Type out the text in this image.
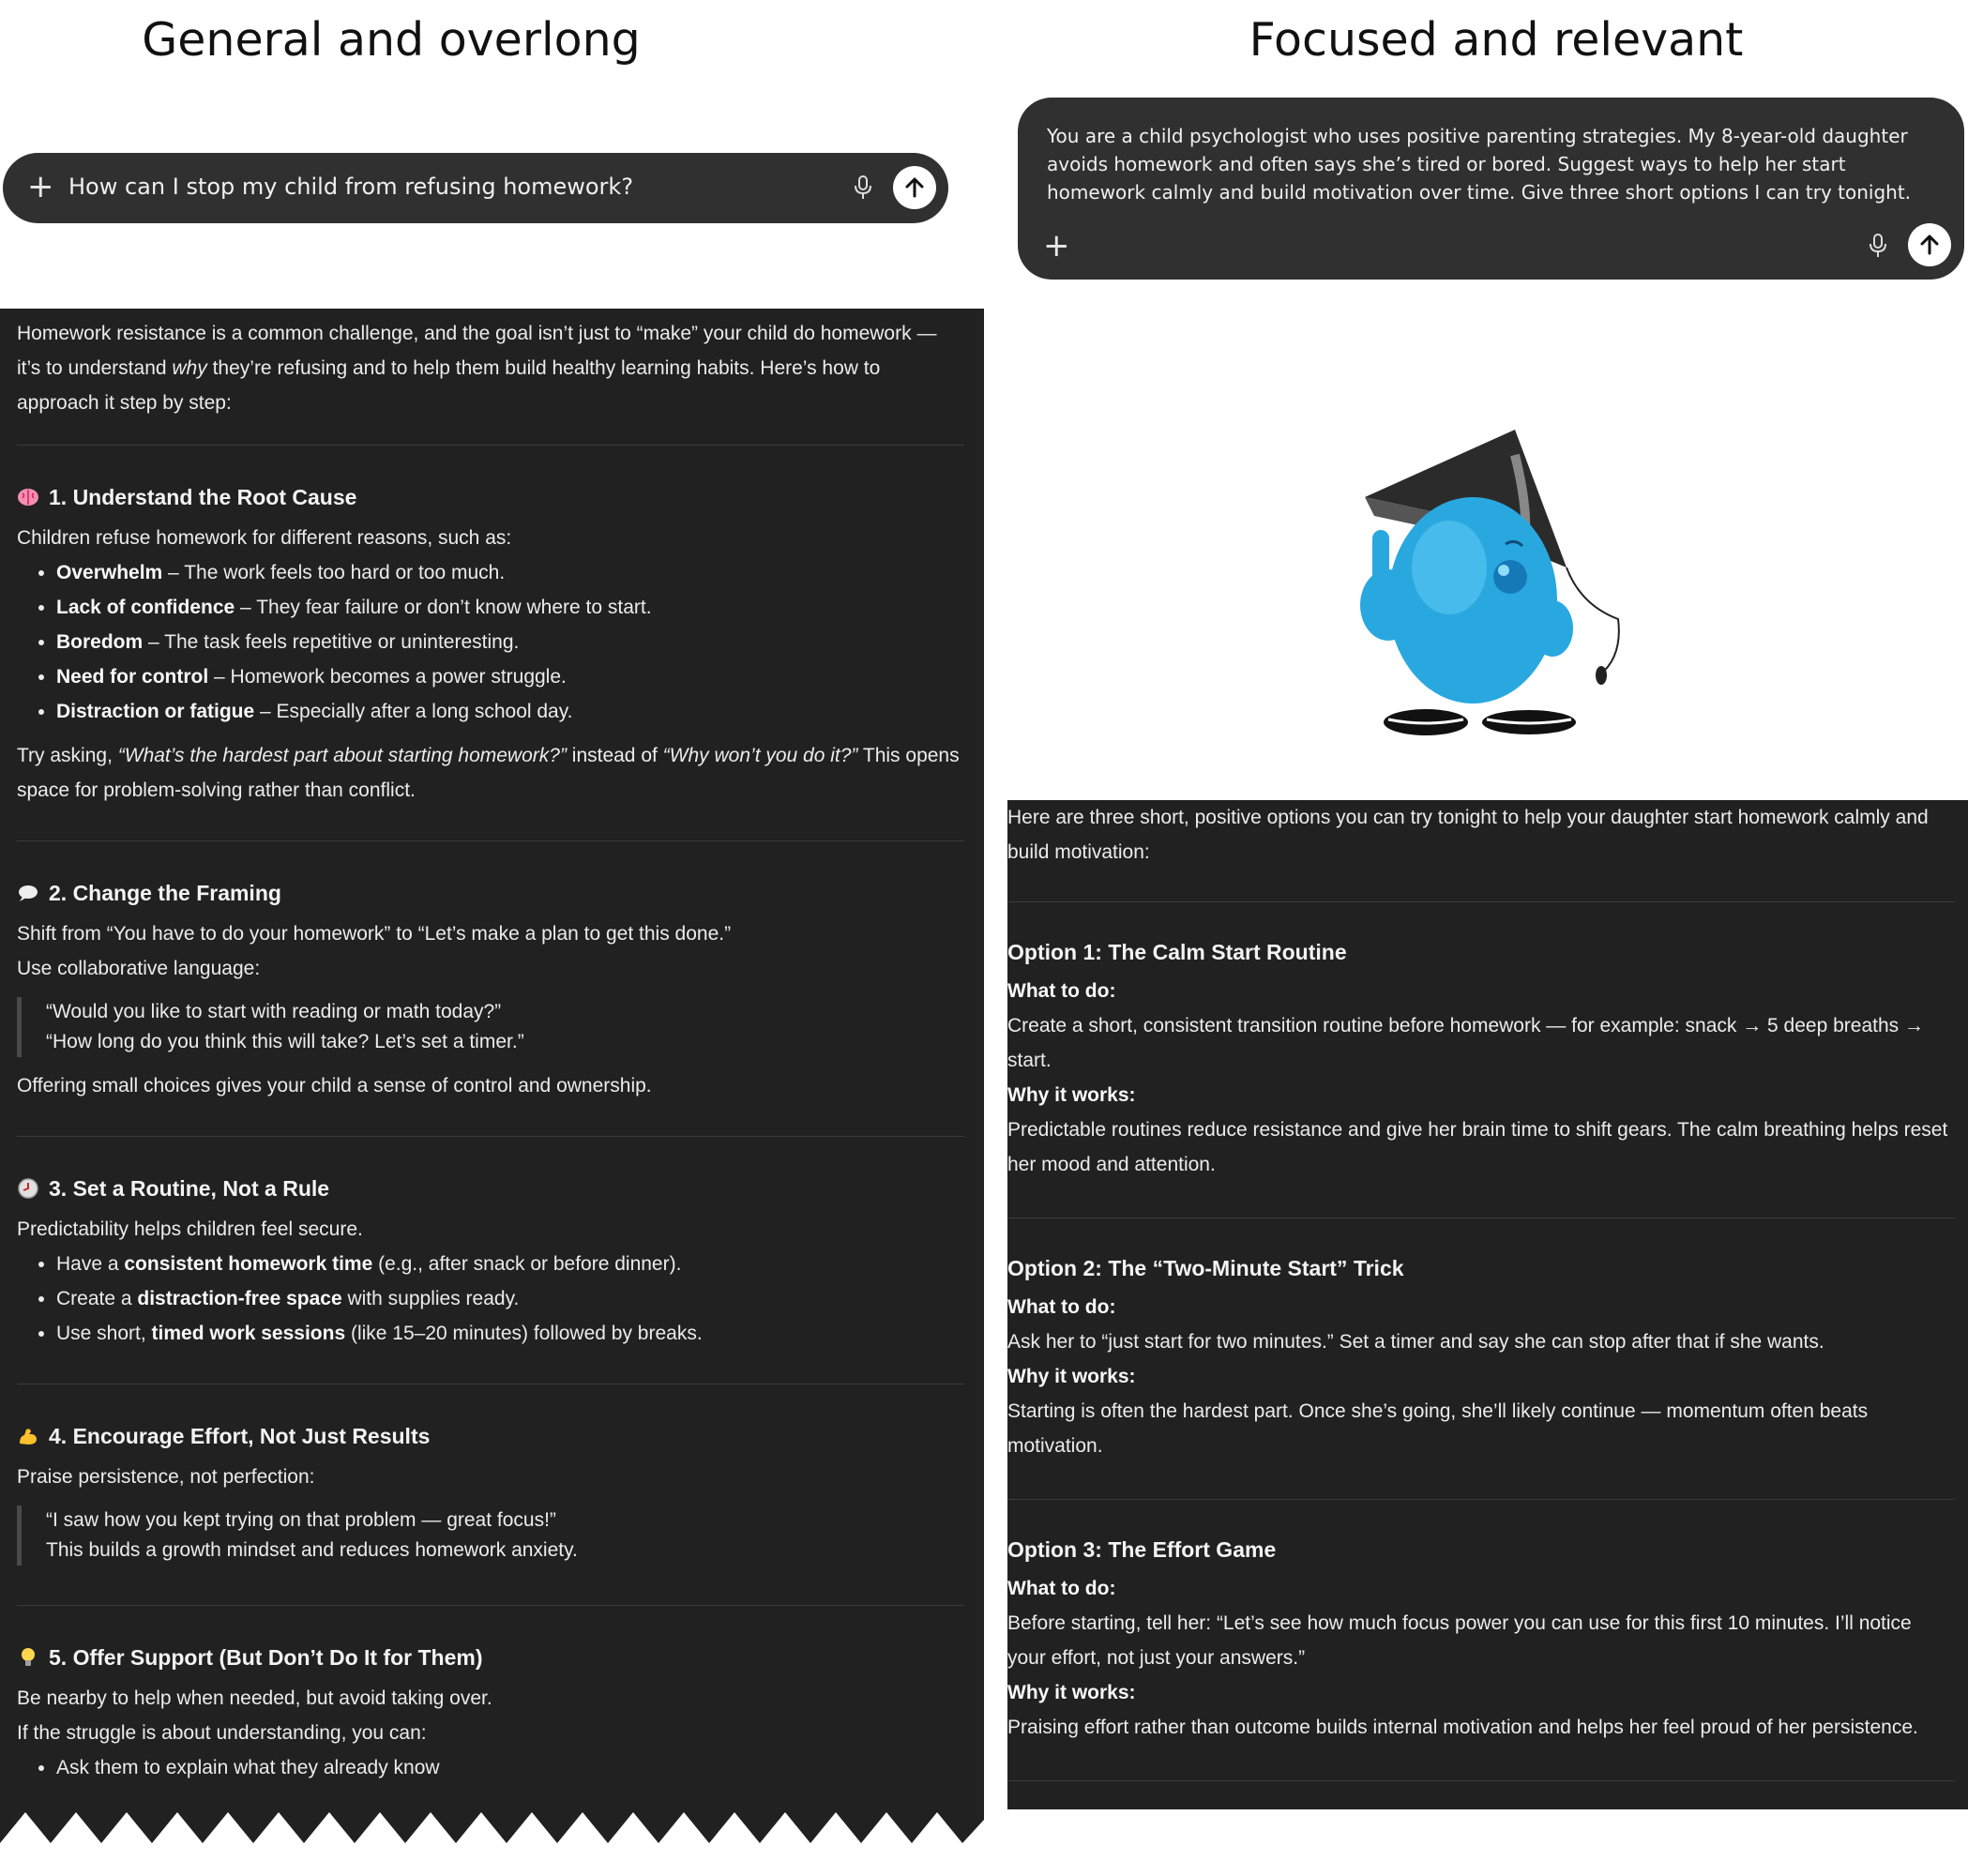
General and overlong	Focused and relevant
+ How can I stop my child from refusing homework?
You are a child psychologist who uses positive parenting strategies. My 8-year-old daughter avoids homework and often says she’s tired or bored. Suggest ways to help her start homework calmly and build motivation over time. Give three short options I can try tonight.
+

Homework resistance is a common challenge, and the goal isn’t just to “make” your child do homework — it’s to understand why they’re refusing and to help them build healthy learning habits. Here’s how to approach it step by step:

1. Understand the Root Cause

Children refuse homework for different reasons, such as:

• Overwhelm – The work feels too hard or too much.
• Lack of confidence – They fear failure or don’t know where to start.
• Boredom – The task feels repetitive or uninteresting.
• Need for control – Homework becomes a power struggle.
• Distraction or fatigue – Especially after a long school day.

Try asking, “What’s the hardest part about starting homework?” instead of “Why won’t you do it?” This opens space for problem-solving rather than conflict.

2. Change the Framing

Shift from “You have to do your homework” to “Let’s make a plan to get this done.”

Use collaborative language:

“Would you like to start with reading or math today?”
“How long do you think this will take? Let’s set a timer.”

Offering small choices gives your child a sense of control and ownership.

3. Set a Routine, Not a Rule

Predictability helps children feel secure.

• Have a consistent homework time (e.g., after snack or before dinner).
• Create a distraction-free space with supplies ready.
• Use short, timed work sessions (like 15–20 minutes) followed by breaks.
4. Encourage Effort, Not Just Results

Praise persistence, not perfection:

“I saw how you kept trying on that problem — great focus!”
This builds a growth mindset and reduces homework anxiety.
5. Offer Support (But Don’t Do It for Them)

Be nearby to help when needed, but avoid taking over.

If the struggle is about understanding, you can:

• Ask them to explain what they already know

Here are three short, positive options you can try tonight to help your daughter start homework calmly and build motivation:

Option 1: The Calm Start Routine

What to do:

Create a short, consistent transition routine before homework — for example: snack → 5 deep breaths → start.

Why it works:

Predictable routines reduce resistance and give her brain time to shift gears. The calm breathing helps reset her mood and attention.

Option 2: The “Two-Minute Start” Trick

What to do:

Ask her to “just start for two minutes.” Set a timer and say she can stop after that if she wants.

Why it works:

Starting is often the hardest part. Once she’s going, she’ll likely continue — momentum often beats motivation.

Option 3: The Effort Game

What to do:

Before starting, tell her: “Let’s see how much focus power you can use for this first 10 minutes. I’ll notice your effort, not just your answers.”

Why it works:

Praising effort rather than outcome builds internal motivation and helps her feel proud of her persistence.
